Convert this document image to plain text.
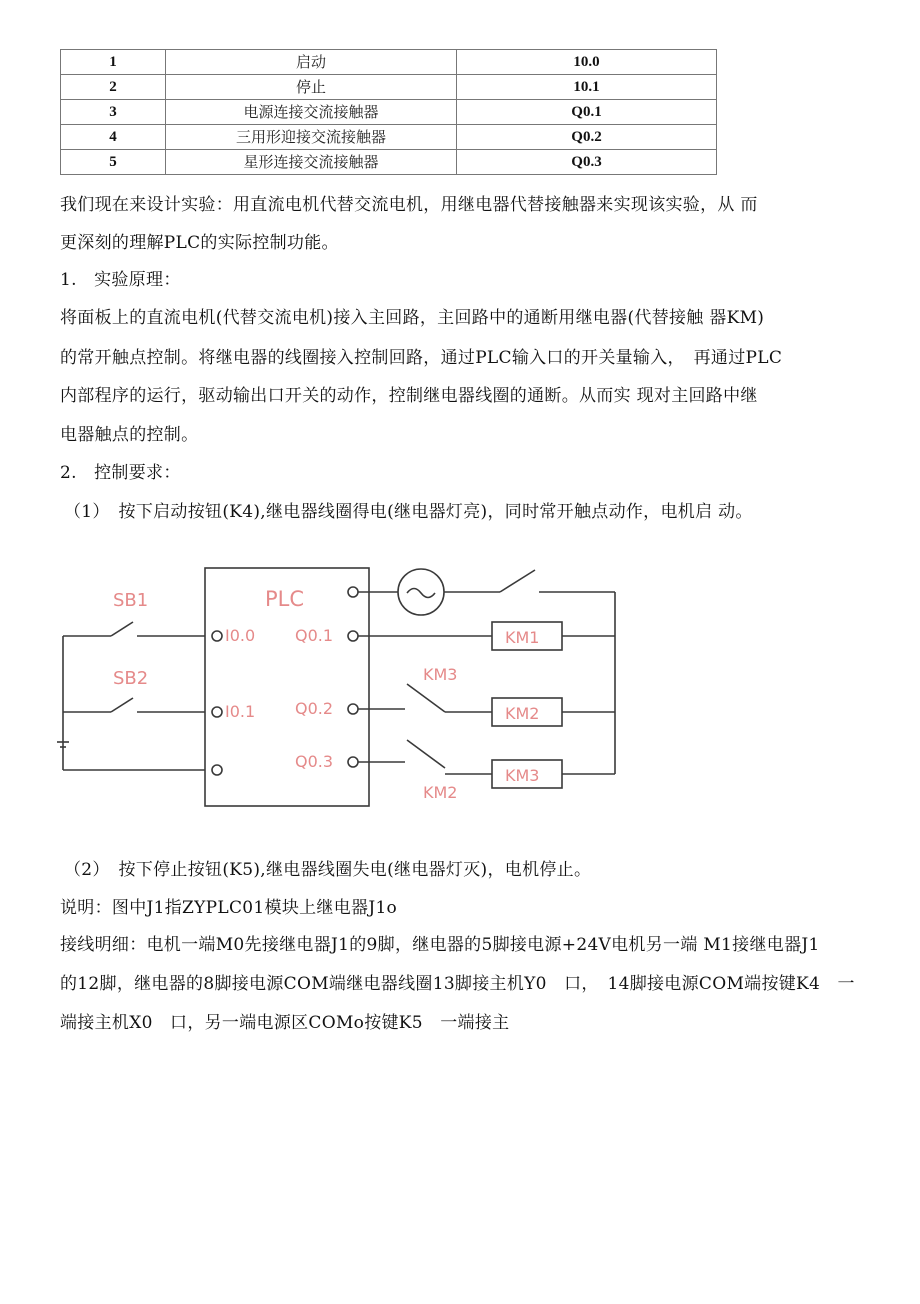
1	启动	10.0
2	停止	10.1
3	电源连接交流接触器	Q0.1
4	三用形迎接交流接触器	Q0.2
5	星形连接交流接触器	Q0.3

我们现在来设计实验：用直流电机代替交流电机，用继电器代替接触器来实现该实验，从 而

更深刻的理解PLC的实际控制功能。

1.　实验原理：

将面板上的直流电机(代替交流电机)接入主回路，主回路中的通断用继电器(代替接触 器KM)

的常开触点控制。将继电器的线圈接入控制回路，通过PLC输入口的开关量输入，　再通过PLC

内部程序的运行，驱动输出口开关的动作，控制继电器线圈的通断。从而实 现对主回路中继

电器触点的控制。

2.　控制要求：

（1）　按下启动按钮(K4),继电器线圈得电(继电器灯亮)，同时常开触点动作，电机启 动。

PLC
SB1
SB2
I0.0
I0.1
Q0.1
Q0.2
Q0.3
KM1
KM2
KM3
KM3
KM2

（2）　按下停止按钮(K5),继电器线圈失电(继电器灯灭)，电机停止。

说明：图中J1指ZYPLC01模块上继电器J1o

接线明细：电机一端M0先接继电器J1的9脚，继电器的5脚接电源+24V电机另一端 M1接继电器J1

的12脚，继电器的8脚接电源COM端继电器线圈13脚接主机Y0　口，　14脚接电源COM端按键K4　一

端接主机X0　口，另一端电源区COMo按键K5　一端接主
